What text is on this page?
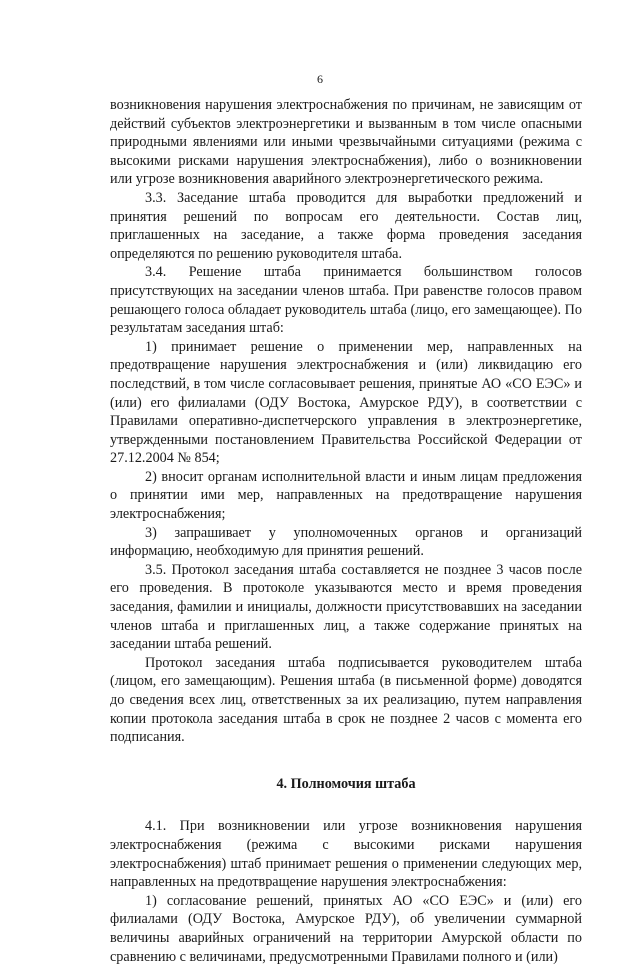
6

возникновения нарушения электроснабжения по причинам, не зависящим от действий субъектов электроэнергетики и вызванным в том числе опасными природными явлениями или иными чрезвычайными ситуациями (режима с высокими рисками нарушения электроснабжения), либо о возникновении или угрозе возникновения аварийного электроэнергетического режима.

3.3. Заседание штаба проводится для выработки предложений и принятия решений по вопросам его деятельности. Состав лиц, приглашенных на заседание, а также форма проведения заседания определяются по решению руководителя штаба.

3.4. Решение штаба принимается большинством голосов присутствующих на заседании членов штаба. При равенстве голосов правом решающего голоса обладает руководитель штаба (лицо, его замещающее). По результатам заседания штаб:

1) принимает решение о применении мер, направленных на предотвращение нарушения электроснабжения и (или) ликвидацию его последствий, в том числе согласовывает решения, принятые АО «СО ЕЭС» и (или) его филиалами (ОДУ Востока, Амурское РДУ), в соответствии с Правилами оперативно-диспетчерского управления в электроэнергетике, утвержденными постановлением Правительства Российской Федерации от 27.12.2004 № 854;

2) вносит органам исполнительной власти и иным лицам предложения о принятии ими мер, направленных на предотвращение нарушения электроснабжения;

3) запрашивает у уполномоченных органов и организаций информацию, необходимую для принятия решений.

3.5. Протокол заседания штаба составляется не позднее 3 часов после его проведения. В протоколе указываются место и время проведения заседания, фамилии и инициалы, должности присутствовавших на заседании членов штаба и приглашенных лиц, а также содержание принятых на заседании штаба решений.

Протокол заседания штаба подписывается руководителем штаба (лицом, его замещающим). Решения штаба (в письменной форме) доводятся до сведения всех лиц, ответственных за их реализацию, путем направления копии протокола заседания штаба в срок не позднее 2 часов с момента его подписания.

4. Полномочия штаба

4.1. При возникновении или угрозе возникновения нарушения электроснабжения (режима с высокими рисками нарушения электроснабжения) штаб принимает решения о применении следующих мер, направленных на предотвращение нарушения электроснабжения:

1) согласование решений, принятых АО «СО ЕЭС» и (или) его филиалами (ОДУ Востока, Амурское РДУ), об увеличении суммарной величины аварийных ограничений на территории Амурской области по сравнению с величинами, предусмотренными Правилами полного и (или)
